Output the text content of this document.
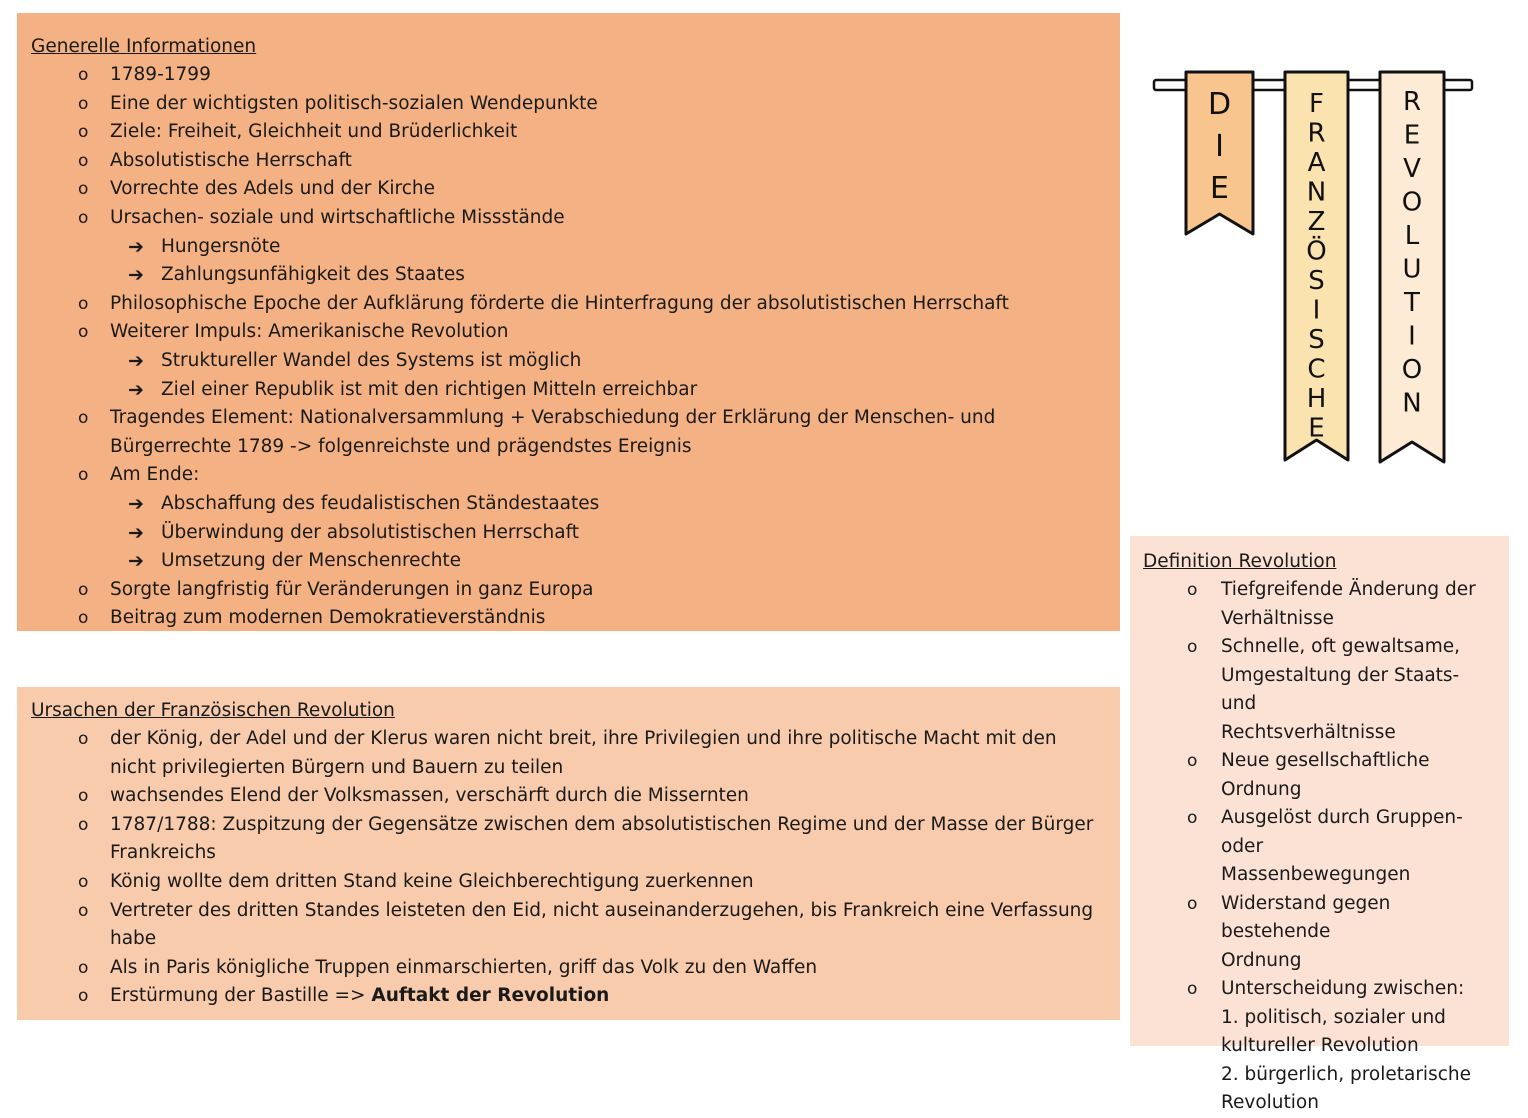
Generelle Informationen
o 1789-1799
o Eine der wichtigsten politisch-sozialen Wendepunkte
o Ziele: Freiheit, Gleichheit und Brüderlichkeit
o Absolutistische Herrschaft
o Vorrechte des Adels und der Kirche
o Ursachen- soziale und wirtschaftliche Missstände
➔ Hungersnöte
➔ Zahlungsunfähigkeit des Staates
o Philosophische Epoche der Aufklärung förderte die Hinterfragung der absolutistischen Herrschaft
o Weiterer Impuls: Amerikanische Revolution
➔ Struktureller Wandel des Systems ist möglich
➔ Ziel einer Republik ist mit den richtigen Mitteln erreichbar
o Tragendes Element: Nationalversammlung + Verabschiedung der Erklärung der Menschen- und Bürgerrechte 1789 -> folgenreichste und prägendstes Ereignis
o Am Ende:
➔ Abschaffung des feudalistischen Ständestaates
➔ Überwindung der absolutistischen Herrschaft
➔ Umsetzung der Menschenrechte
o Sorgte langfristig für Veränderungen in ganz Europa
o Beitrag zum modernen Demokratieverständnis
Ursachen der Französischen Revolution
o der König, der Adel und der Klerus waren nicht breit, ihre Privilegien und ihre politische Macht mit den nicht privilegierten Bürgern und Bauern zu teilen
o wachsendes Elend der Volksmassen, verschärft durch die Missernten
o 1787/1788: Zuspitzung der Gegensätze zwischen dem absolutistischen Regime und der Masse der Bürger Frankreichs
o König wollte dem dritten Stand keine Gleichberechtigung zuerkennen
o Vertreter des dritten Standes leisteten den Eid, nicht auseinanderzugehen, bis Frankreich eine Verfassung habe
o Als in Paris königliche Truppen einmarschierten, griff das Volk zu den Waffen
o Erstürmung der Bastille => Auftakt der Revolution
Definition Revolution
o Tiefgreifende Änderung der
Verhältnisse
o Schnelle, oft gewaltsame,
Umgestaltung der Staats- und
Rechtsverhältnisse
o Neue gesellschaftliche
Ordnung
o Ausgelöst durch Gruppen- oder
Massenbewegungen
o Widerstand gegen bestehende
Ordnung
o Unterscheidung zwischen:
1. politisch, sozialer und
kultureller Revolution
2. bürgerlich, proletarische
Revolution
D
I
E
F
R
A
N
Z
Ö
S
I
S
C
H
E
R
E
V
O
L
U
T
I
O
N
